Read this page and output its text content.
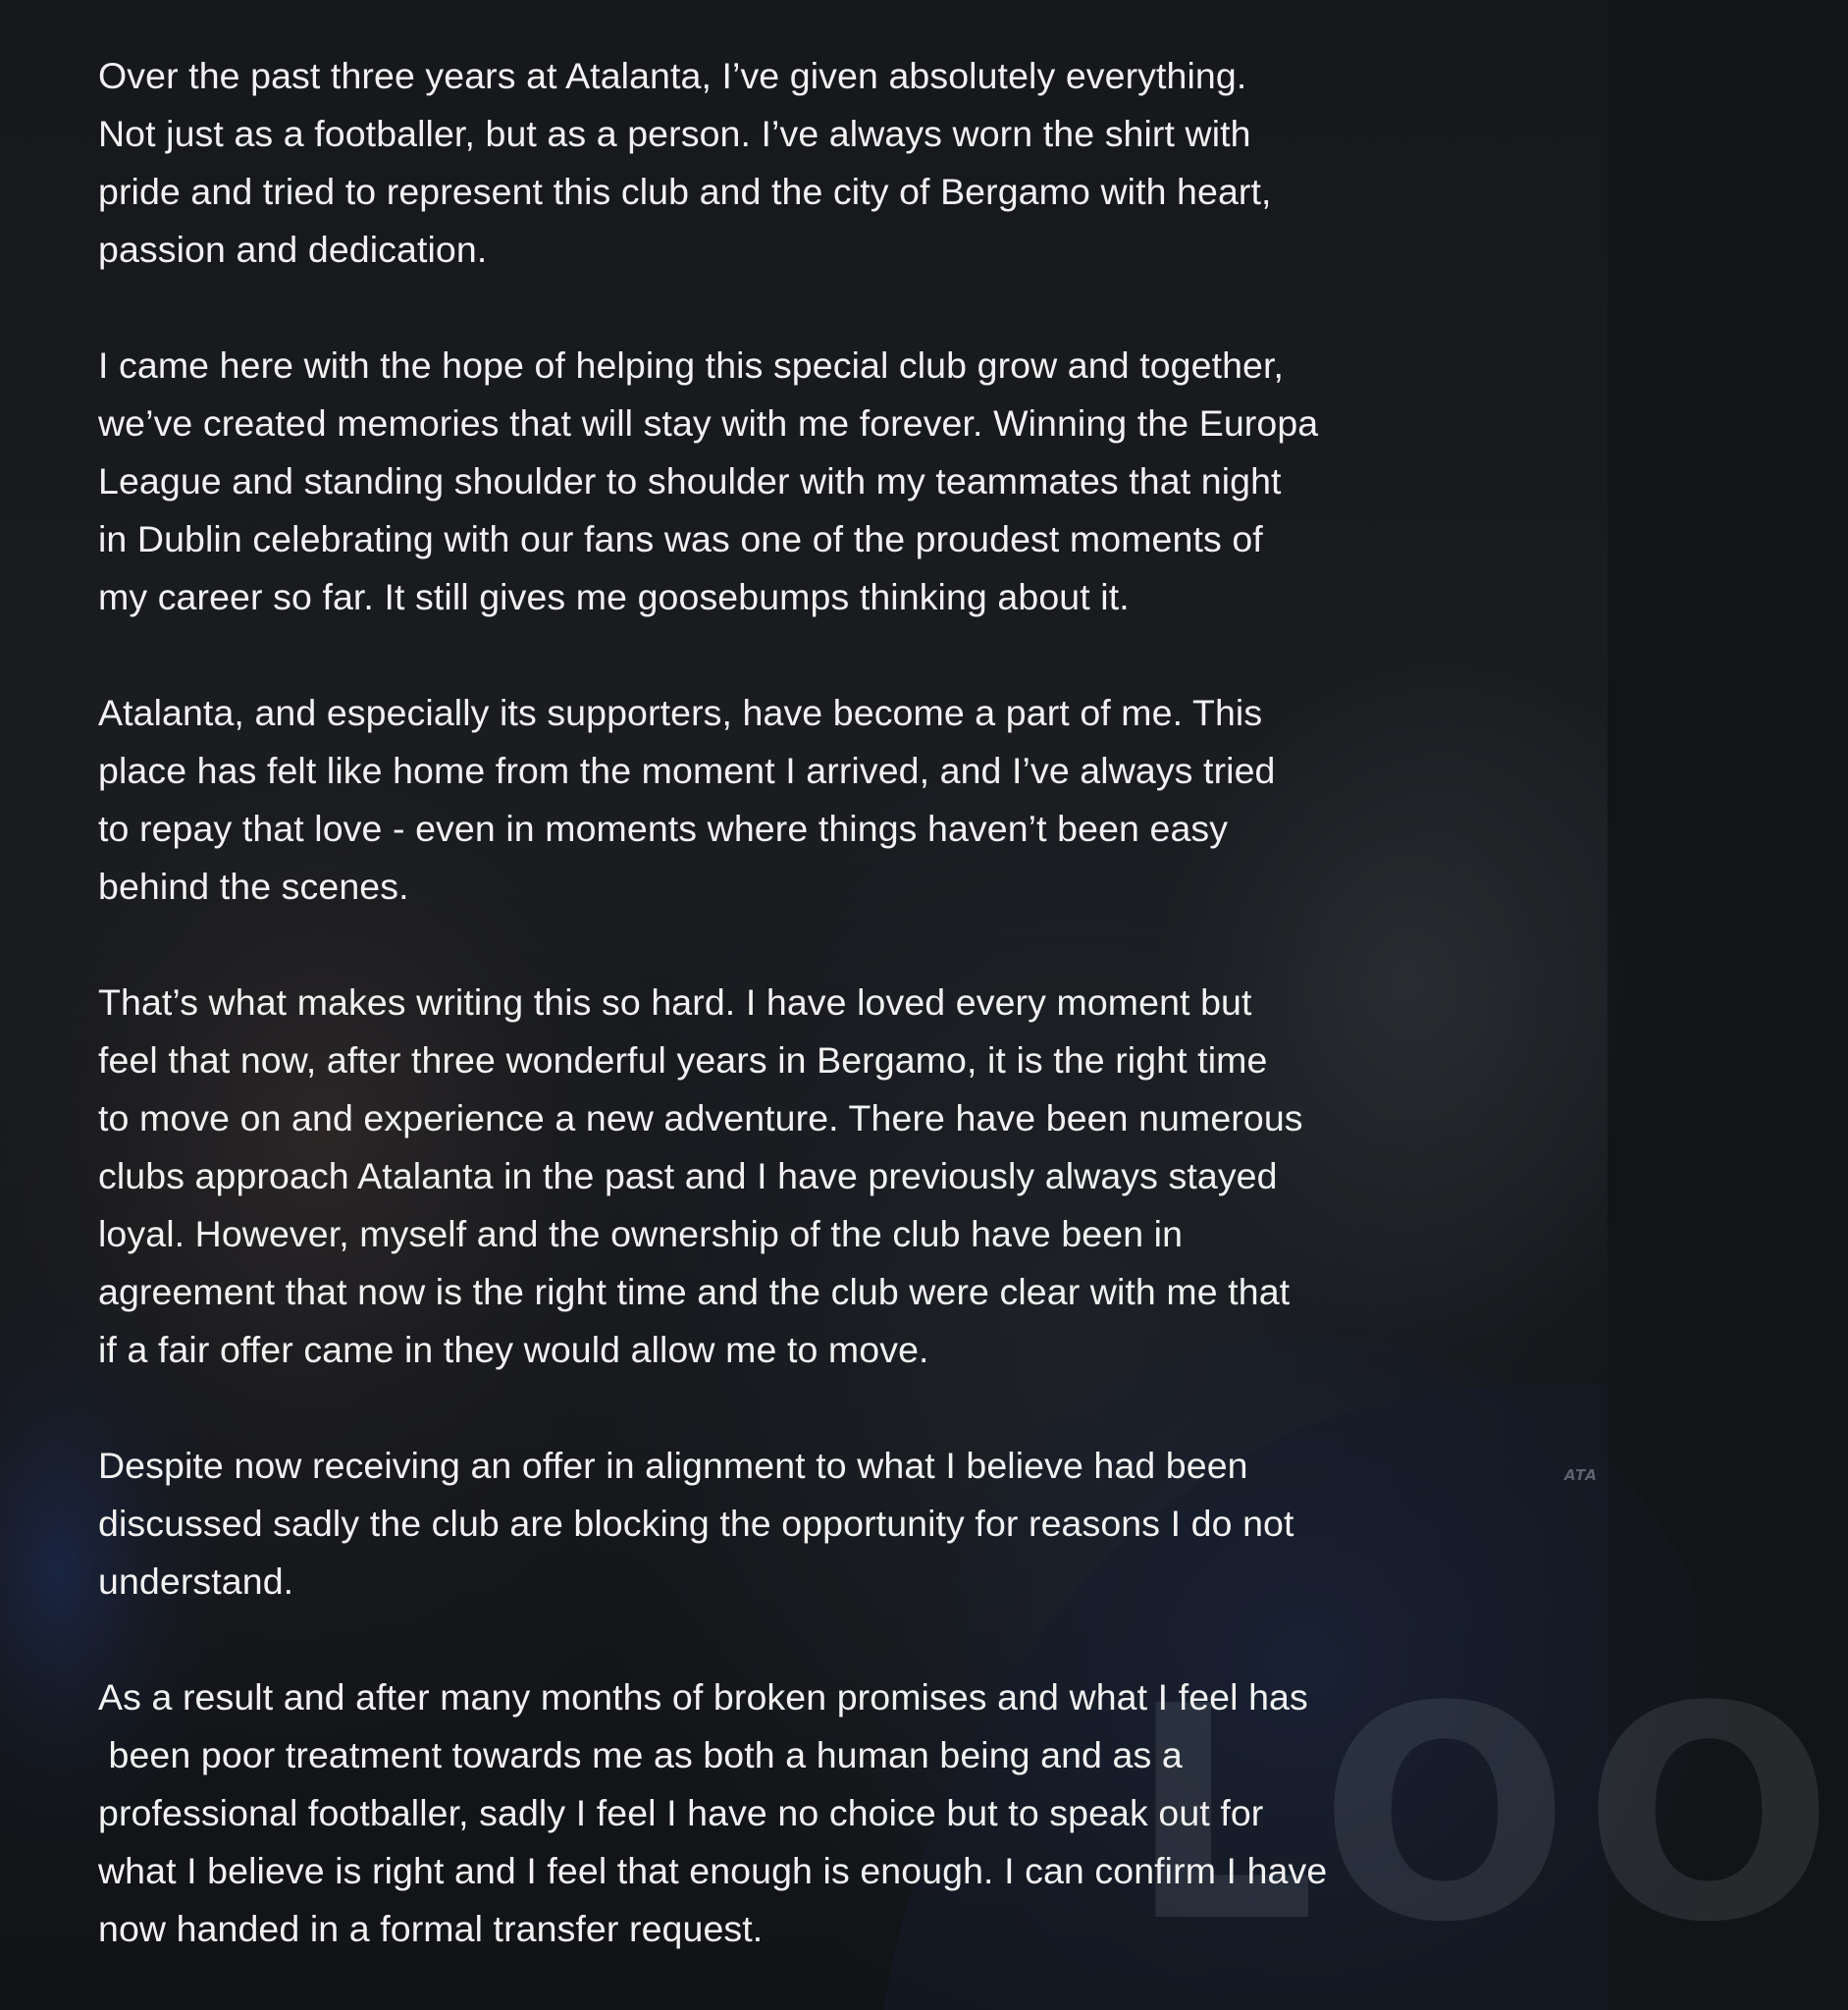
ATA
LOO

Over the past three years at Atalanta, I’ve given absolutely everything.
Not just as a footballer, but as a person. I’ve always worn the shirt with
pride and tried to represent this club and the city of Bergamo with heart,
passion and dedication.

I came here with the hope of helping this special club grow and together,
we’ve created memories that will stay with me forever. Winning the Europa
League and standing shoulder to shoulder with my teammates that night
in Dublin celebrating with our fans was one of the proudest moments of
my career so far. It still gives me goosebumps thinking about it.

Atalanta, and especially its supporters, have become a part of me. This
place has felt like home from the moment I arrived, and I’ve always tried
to repay that love - even in moments where things haven’t been easy
behind the scenes.

That’s what makes writing this so hard. I have loved every moment but
feel that now, after three wonderful years in Bergamo, it is the right time
to move on and experience a new adventure. There have been numerous
clubs approach Atalanta in the past and I have previously always stayed
loyal. However, myself and the ownership of the club have been in
agreement that now is the right time and the club were clear with me that
if a fair offer came in they would allow me to move.

Despite now receiving an offer in alignment to what I believe had been
discussed sadly the club are blocking the opportunity for reasons I do not
understand.

As a result and after many months of broken promises and what I feel has
been poor treatment towards me as both a human being and as a
professional footballer, sadly I feel I have no choice but to speak out for
what I believe is right and I feel that enough is enough. I can confirm I have
now handed in a formal transfer request.
